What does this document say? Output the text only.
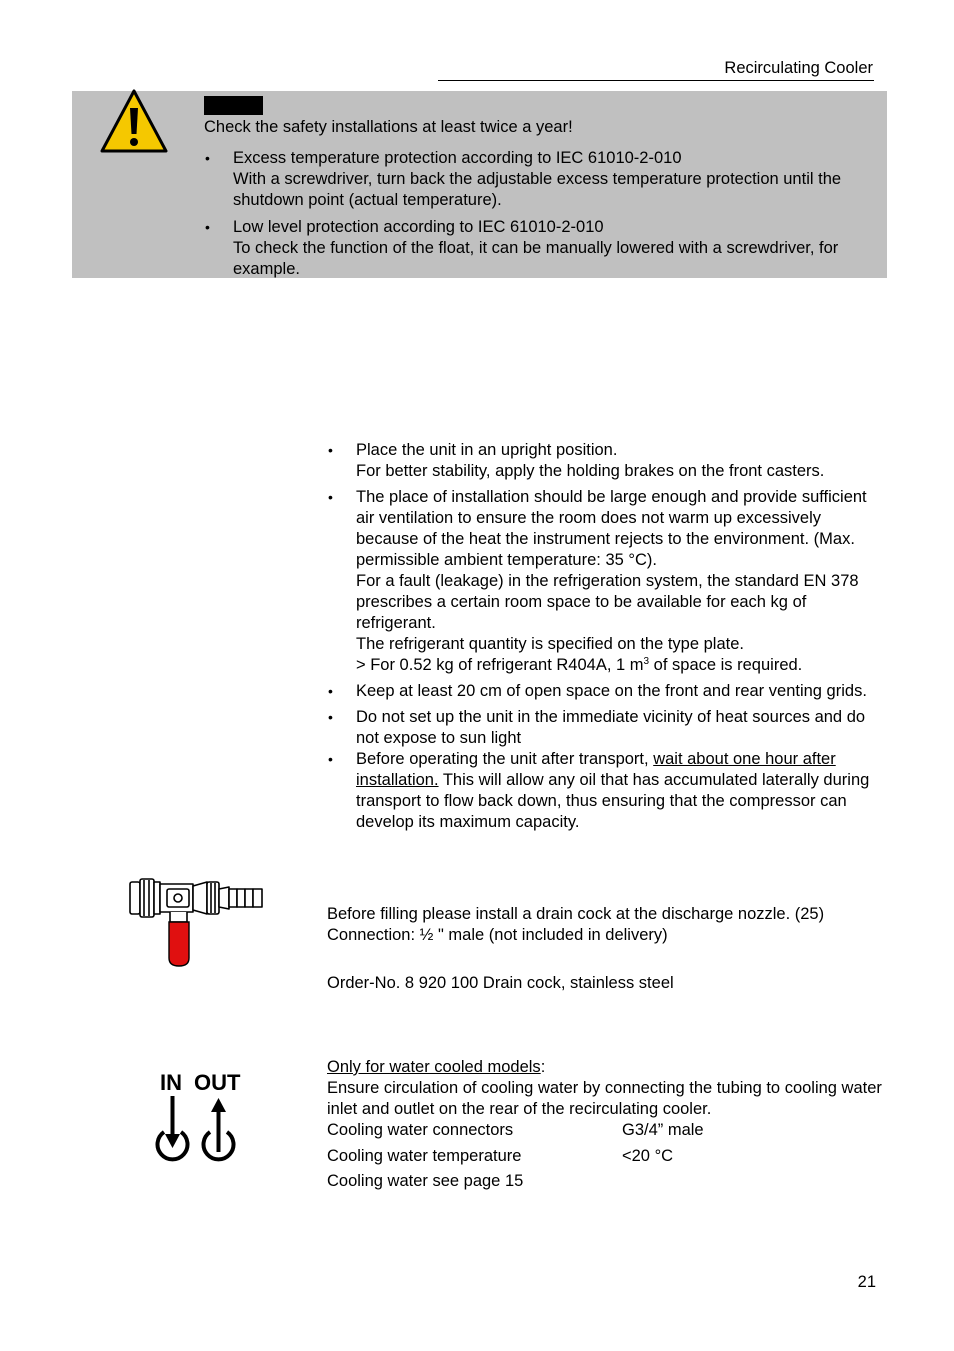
Recirculating Cooler
Check the safety installations at least twice a year!
• Excess temperature protection according to IEC 61010-2-010
With a screwdriver, turn back the adjustable excess temperature protection until the shutdown point (actual temperature).
• Low level protection according to IEC 61010-2-010
To check the function of the float, it can be manually lowered with a screwdriver, for example.
• Place the unit in an upright position.
For better stability, apply the holding brakes on the front casters.
• The place of installation should be large enough and provide sufficient air ventilation to ensure the room does not warm up excessively because of the heat the instrument rejects to the environment. (Max. permissible ambient temperature: 35 °C).
For a fault (leakage) in the refrigeration system, the standard EN 378 prescribes a certain room space to be available for each kg of refrigerant.
The refrigerant quantity is specified on the type plate.
> For 0.52 kg of refrigerant R404A, 1 $m^3$ of space is required.
• Keep at least 20 cm of open space on the front and rear venting grids.
• Do not set up the unit in the immediate vicinity of heat sources and do not expose to sun light
• Before operating the unit after transport, wait about one hour after installation. This will allow any oil that has accumulated laterally during transport to flow back down, thus ensuring that the compressor can develop its maximum capacity.
Before filling please install a drain cock at the discharge nozzle. (25)
Connection: ½ " male (not included in delivery)
Order-No. 8 920 100 Drain cock, stainless steel
IN OUT
Only for water cooled models:
Ensure circulation of cooling water by connecting the tubing to cooling water inlet and outlet on the rear of the recirculating cooler.
Cooling water connectors	G3/4” male
Cooling water temperature	<20 °C
Cooling water see page 15
21
